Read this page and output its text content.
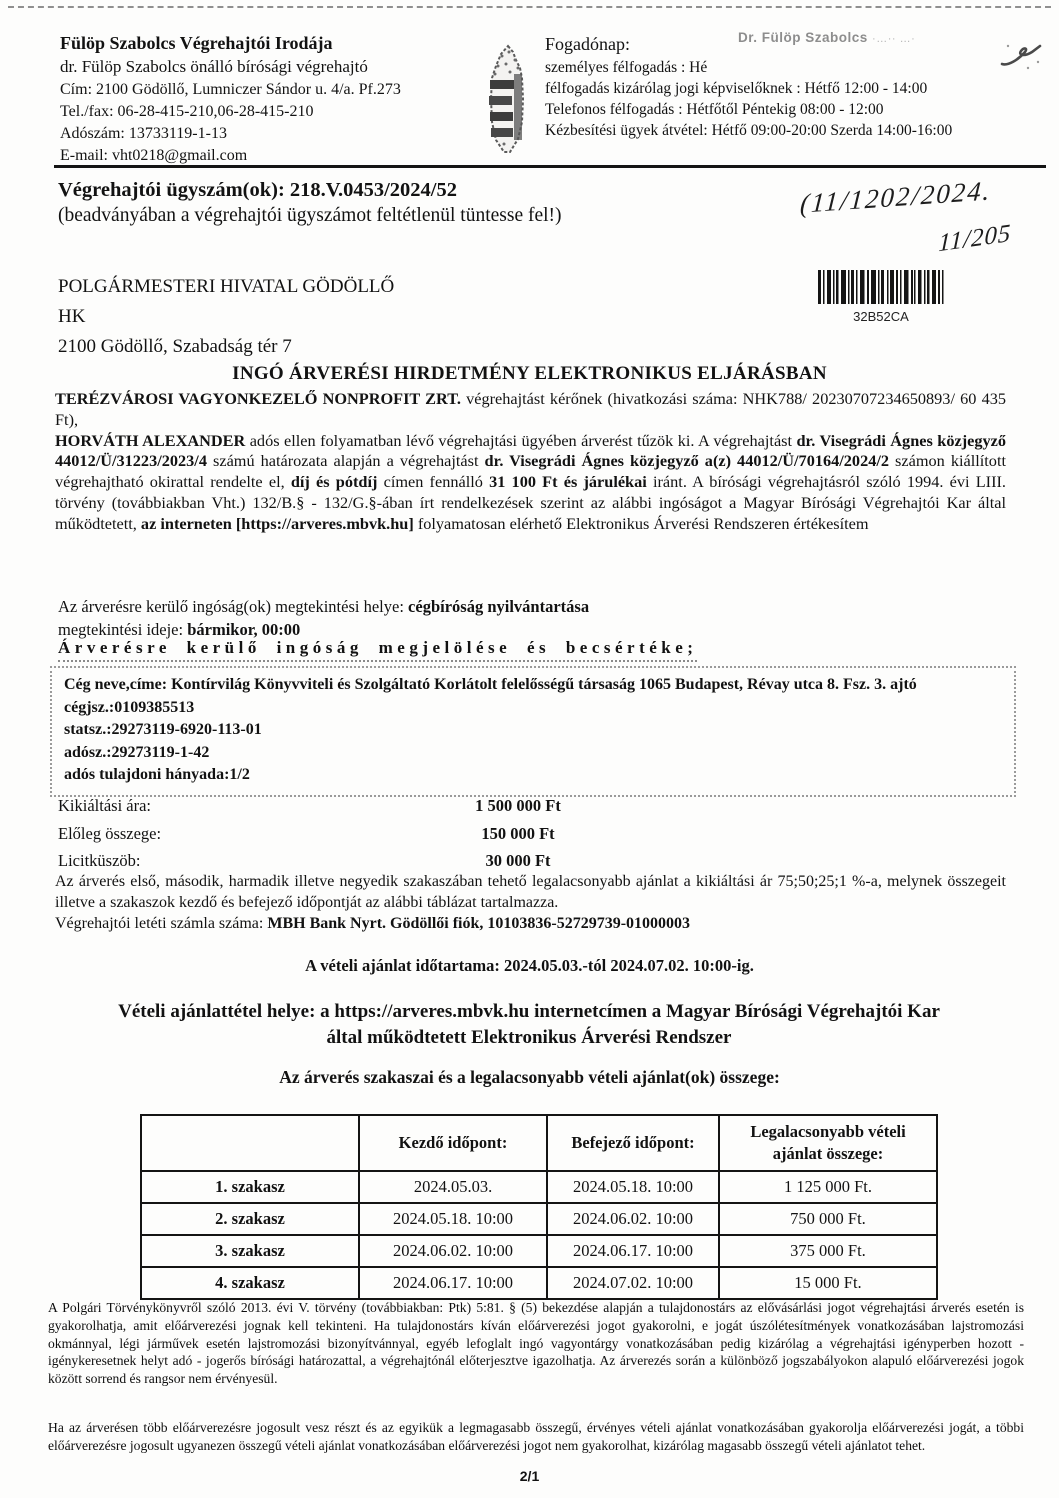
Fülöp Szabolcs Végrehajtói Irodája
dr. Fülöp Szabolcs önálló bírósági végrehajtó
Cím: 2100 Gödöllő, Lumniczer Sándor u. 4/a. Pf.273
Tel./fax: 06-28-415-210,06-28-415-210
Adószám: 13733119-1-13
E-mail: vht0218@gmail.com
Fogadónap:
személyes félfogadás : Hé
félfogadás kizárólag jogi képviselőknek : Hétfő 12:00 - 14:00
Telefonos félfogadás : Hétfőtől Péntekig 08:00 - 12:00
Kézbesítési ügyek átvétel: Hétfő 09:00-20:00 Szerda 14:00-16:00
Dr. Fülöp Szabolcs ·…·· …·
Végrehajtói ügyszám(ok): 218.V.0453/2024/52
(beadványában a végrehajtói ügyszámot feltétlenül tüntesse fel!)	(11/1202/2024.
11/205
POLGÁRMESTERI HIVATAL GÖDÖLLŐ
HK
2100 Gödöllő, Szabadság tér 7
32B52CA
INGÓ ÁRVERÉSI HIRDETMÉNY ELEKTRONIKUS ELJÁRÁSBAN
TERÉZVÁROSI VAGYONKEZELŐ NONPROFIT ZRT. végrehajtást kérőnek (hivatkozási száma: NHK788/ 20230707234650893/ 60 435 Ft),
HORVÁTH ALEXANDER adós ellen folyamatban lévő végrehajtási ügyében árverést tűzök ki. A végrehajtást dr. Visegrádi Ágnes közjegyző 44012/Ü/31223/2023/4 számú határozata alapján a végrehajtást dr. Visegrádi Ágnes közjegyző a(z) 44012/Ü/70164/2024/2 számon kiállított végrehajtható okirattal rendelte el, díj és pótdíj címen fennálló 31 100 Ft és járulékai iránt. A bírósági végrehajtásról szóló 1994. évi LIII. törvény (továbbiakban Vht.) 132/B.§ - 132/G.§-ában írt rendelkezések szerint az alábbi ingóságot a Magyar Bírósági Végrehajtói Kar által működtetett, az interneten [https://arveres.mbvk.hu] folyamatosan elérhető Elektronikus Árverési Rendszeren értékesítem
Az árverésre kerülő ingóság(ok) megtekintési helye: cégbíróság nyilvántartása
megtekintési ideje: bármikor, 00:00
Árverésre kerülő ingóság megjelölése és becsértéke;
Cég neve,címe: Kontírvilág Könyvviteli és Szolgáltató Korlátolt felelősségű társaság 1065 Budapest, Révay utca 8. Fsz. 3. ajtó
cégjsz.:0109385513
statsz.:29273119-6920-113-01
adósz.:29273119-1-42
adós tulajdoni hányada:1/2
Kikiáltási ára:	1 500 000 Ft
Előleg összege:	150 000 Ft
Licitküszöb:	30 000 Ft
Az árverés első, második, harmadik illetve negyedik szakaszában tehető legalacsonyabb ajánlat a kikiáltási ár 75;50;25;1 %-a, melynek összegeit illetve a szakaszok kezdő és befejező időpontját az alábbi táblázat tartalmazza.
Végrehajtói letéti számla száma: MBH Bank Nyrt. Gödöllői fiók, 10103836-52729739-01000003
A vételi ajánlat időtartama: 2024.05.03.-tól 2024.07.02. 10:00-ig.
Vételi ajánlattétel helye: a https://arveres.mbvk.hu internetcímen a Magyar Bírósági Végrehajtói Kar által működtetett Elektronikus Árverési Rendszer
Az árverés szakaszai és a legalacsonyabb vételi ajánlat(ok) összege:
	Kezdő időpont:	Befejező időpont:	Legalacsonyabb vételi ajánlat összege:
1. szakasz	2024.05.03.	2024.05.18. 10:00	1 125 000 Ft.
2. szakasz	2024.05.18. 10:00	2024.06.02. 10:00	750 000 Ft.
3. szakasz	2024.06.02. 10:00	2024.06.17. 10:00	375 000 Ft.
4. szakasz	2024.06.17. 10:00	2024.07.02. 10:00	15 000 Ft.
A Polgári Törvénykönyvről szóló 2013. évi V. törvény (továbbiakban: Ptk) 5:81. § (5) bekezdése alapján a tulajdonostárs az elővásárlási jogot végrehajtási árverés esetén is gyakorolhatja, amit előárverezési jognak kell tekinteni. Ha tulajdonostárs kíván előárverezési jogot gyakorolni, e jogát úszólétesítmények vonatkozásában lajstromozási okmánnyal, légi járművek esetén lajstromozási bizonyítvánnyal, egyéb lefoglalt ingó vagyontárgy vonatkozásában pedig kizárólag a végrehajtási igényperben hozott - igénykeresetnek helyt adó - jogerős bírósági határozattal, a végrehajtónál előterjesztve igazolhatja. Az árverezés során a különböző jogszabályokon alapuló előárverezési jogok között sorrend és rangsor nem érvényesül.
Ha az árverésen több előárverezésre jogosult vesz részt és az egyikük a legmagasabb összegű, érvényes vételi ajánlat vonatkozásában gyakorolja előárverezési jogát, a többi előárverezésre jogosult ugyanezen összegű vételi ajánlat vonatkozásában előárverezési jogot nem gyakorolhat, kizárólag magasabb összegű vételi ajánlatot tehet.
2/1
